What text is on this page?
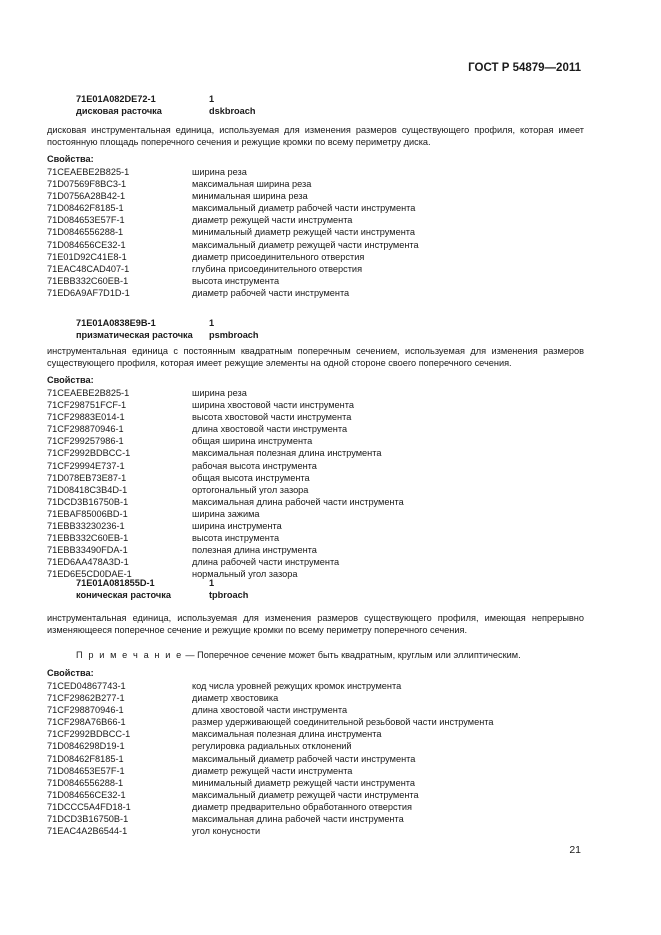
ГОСТ Р 54879—2011
71E01A082DE72-1	1
дисковая расточка	dskbroach
дисковая инструментальная единица, используемая для изменения размеров существующего профиля, которая имеет постоянную площадь поперечного сечения и режущие кромки по всему периметру диска.
Свойства:
71CEAEBE2B825-1	ширина реза
71D07569F8BC3-1	максимальная ширина реза
71D0756A28B42-1	минимальная ширина реза
71D08462F8185-1	максимальный диаметр рабочей части инструмента
71D084653E57F-1	диаметр режущей части инструмента
71D0846556288-1	минимальный диаметр режущей части инструмента
71D084656CE32-1	максимальный диаметр режущей части инструмента
71E01D92C41E8-1	диаметр присоединительного отверстия
71EAC48CAD407-1	глубина присоединительного отверстия
71EBB332C60EB-1	высота инструмента
71ED6A9AF7D1D-1	диаметр рабочей части инструмента
71E01A0838E9B-1	1
призматическая расточка	psmbroach
инструментальная единица с постоянным квадратным поперечным сечением, используемая для изменения размеров существующего профиля, которая имеет режущие элементы на одной стороне своего поперечного сечения.
Свойства:
71CEAEBE2B825-1	ширина реза
71CF298751FCF-1	ширина хвостовой части инструмента
71CF29883E014-1	высота хвостовой части инструмента
71CF298870946-1	длина хвостовой части инструмента
71CF299257986-1	общая ширина инструмента
71CF2992BDBCC-1	максимальная полезная длина инструмента
71CF29994E737-1	рабочая высота инструмента
71D078EB73E87-1	общая высота инструмента
71D08418C3B4D-1	ортогональный угол зазора
71DCD3B16750B-1	максимальная длина рабочей части инструмента
71EBAF85006BD-1	ширина зажима
71EBB33230236-1	ширина инструмента
71EBB332C60EB-1	высота инструмента
71EBB33490FDA-1	полезная длина инструмента
71ED6AA478A3D-1	длина рабочей части инструмента
71ED6E5CD0DAE-1	нормальный угол зазора
71E01A081855D-1	1
коническая расточка	tpbroach
инструментальная единица, используемая для изменения размеров существующего профиля, имеющая непрерывно изменяющееся поперечное сечение и режущие кромки по всему периметру поперечного сечения.
П р и м е ч а н и е — Поперечное сечение может быть квадратным, круглым или эллиптическим.
Свойства:
71CED04867743-1	код числа уровней режущих кромок инструмента
71CF29862B277-1	диаметр хвостовика
71CF298870946-1	длина хвостовой части инструмента
71CF298A76B66-1	размер удерживающей соединительной резьбовой части инструмента
71CF2992BDBCC-1	максимальная полезная длина инструмента
71D0846298D19-1	регулировка радиальных отклонений
71D08462F8185-1	максимальный диаметр рабочей части инструмента
71D084653E57F-1	диаметр режущей части инструмента
71D0846556288-1	минимальный диаметр режущей части инструмента
71D084656CE32-1	максимальный диаметр режущей части инструмента
71DCCC5A4FD18-1	диаметр предварительно обработанного отверстия
71DCD3B16750B-1	максимальная длина рабочей части инструмента
71EAC4A2B6544-1	угол конусности
21
